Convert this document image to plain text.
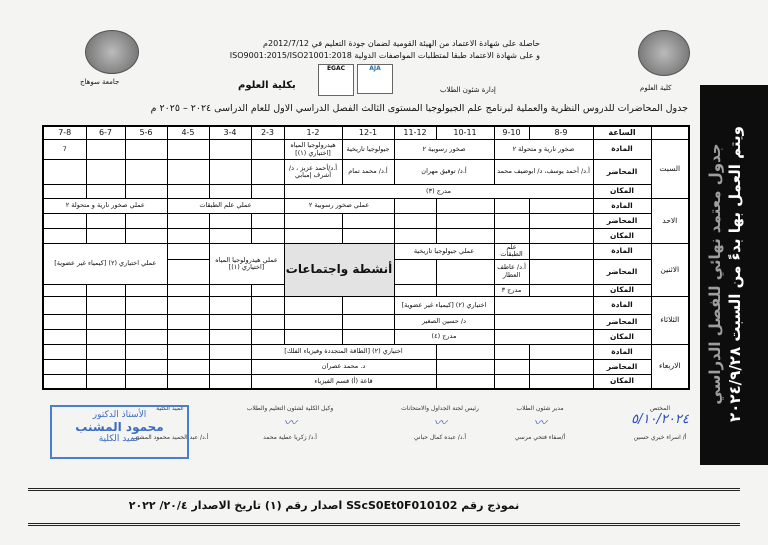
جامعة سوهاج
كلية العلوم
حاصلة على شهادة الاعتماد من الهيئة القومية لضمان جودة التعليم في 2012/7/12م
و على شهادة الاعتماد طبقا لمتطلبات المواصفات الدولية ISO9001:2015/ISO21001:2018
EGAC	AJA
بكلية العلوم	إدارة شئون الطلاب
جدول المحاضرات للدروس النظرية والعملية لبرنامج علم الجيولوجيا المستوى الثالث الفصل الدراسي الاول للعام الدراسى ٢٠٢٤ – ٢٠٢٥ م
	الساعة	8-9	9-10	10-11	11-12	12-1	1-2	2-3	3-4	4-5	5-6	6-7	7-8
السبت	المادة	صخور نارية و متحولة ٢		صخور رسوبية ٢		جيولوجيا تاريخية	هيدرولوجيا المياه [اختياري (١)]						7
	المحاضر	أ.د/ أحمد يوسف، د/ ابوضيف محمد		أ.د/ توفيق مهران		أ.د/ محمد تمام	أ.د/أحمد عزيز ، د/ أشرف إمبابي						
	المكان	مدرج (٣)											
الاحد	المادة					عملي صخور رسوبية ٢		عملي علم الطبقات			عملي صخور نارية و متحولة ٢		
	المحاضر												
	المكان												
الاثنين	المادة		علم الطبقات	عملي جيولوجيا تاريخية		أنشطة واجتماعات		عملي هيدرولوجيا المياه [اختياري (١)]			عملي اختياري (٢) [كيمياء غير عضوية]		
	المحاضر		أ.د/ عاطف العطار										
	المكان		مدرج ٣										
الثلاثاء	المادة			اختياري (٢) [كيمياء غير عضوية]									
	المحاضر			د/ حسين الصغير									
	المكان			مدرج (٤)									
الاربعاء	المادة				اختياري (٢) [الطاقة المتجددة وفيزياء الفلك]								
	المحاضر				د. محمد عصران								
	المكان				قاعة (أ) قسم الفيزياء								
المختص
٥/١٠/٢٠٢٤
أ/ اسراء خيري حسين
مدير شئون الطلاب
〰
أ/صفاء فتحي مرسي
رئيس لجنة الجداول والامتحانات
〰
أ.د/ عبده كمال حباني
وكيل الكلية لشئون التعليم والطلاب
〰
أ.د/ زكريا عطية محمد
عميد الكلية
أ.د/ عبد الحميد محمود المشنب
الأستاذ الدكتور
محمود المشنب
عميد الكلية
جدول معتمد نهائي للفصل الدراسي ويتم العمل بها بدءً من السبت ٢٠٢٤/٩/٢٨
نموذج رقم SScS0Et0F010102 اصدار رقم (١) تاريخ الاصدار ٢٠/٤/ ٢٠٢٢
